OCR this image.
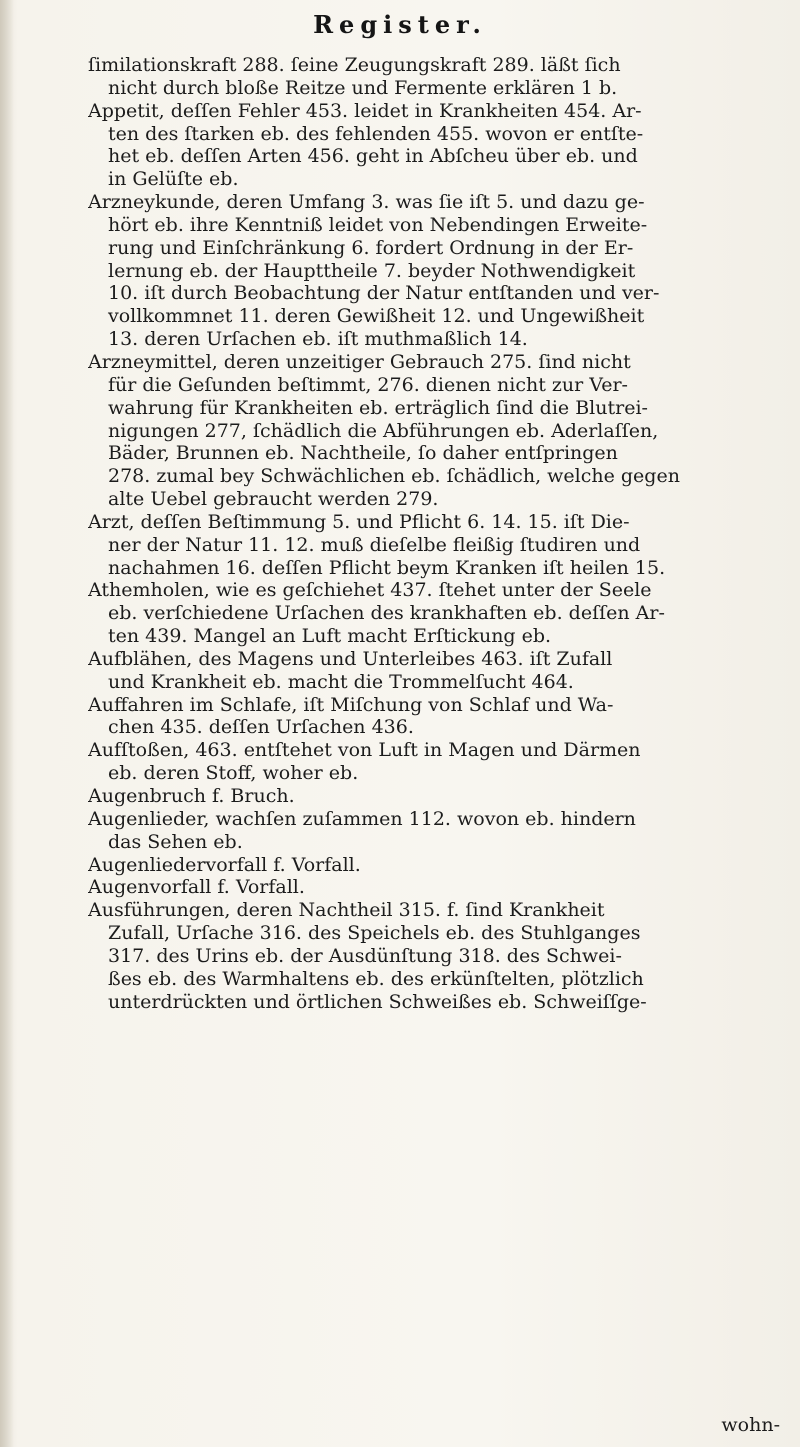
Register.
ſimilationskraft 288. ſeine Zeugungskraft 289. läßt ſich
nicht durch bloße Reitze und Fermente erklären 1 b.
Appetit, deſſen Fehler 453. leidet in Krankheiten 454. Ar-
ten des ſtarken eb. des fehlenden 455. wovon er entſte-
het eb. deſſen Arten 456. geht in Abſcheu über eb. und
in Gelüſte eb.
Arzneykunde, deren Umfang 3. was ſie iſt 5. und dazu ge-
hört eb. ihre Kenntniß leidet von Nebendingen Erweite-
rung und Einſchränkung 6. fordert Ordnung in der Er-
lernung eb. der Haupttheile 7. beyder Nothwendigkeit
10. iſt durch Beobachtung der Natur entſtanden und ver-
vollkommnet 11. deren Gewißheit 12. und Ungewißheit
13. deren Urſachen eb. iſt muthmaßlich 14.
Arzneymittel, deren unzeitiger Gebrauch 275. ſind nicht
für die Geſunden beſtimmt, 276. dienen nicht zur Ver-
wahrung für Krankheiten eb. erträglich ſind die Blutrei-
nigungen 277, ſchädlich die Abführungen eb. Aderlaſſen,
Bäder, Brunnen eb. Nachtheile, ſo daher entſpringen
278. zumal bey Schwächlichen eb. ſchädlich, welche gegen
alte Uebel gebraucht werden 279.
Arzt, deſſen Beſtimmung 5. und Pflicht 6. 14. 15. iſt Die-
ner der Natur 11. 12. muß dieſelbe fleißig ſtudiren und
nachahmen 16. deſſen Pflicht beym Kranken iſt heilen 15.
Athemholen, wie es geſchiehet 437. ſtehet unter der Seele
eb. verſchiedene Urſachen des krankhaften eb. deſſen Ar-
ten 439. Mangel an Luft macht Erſtickung eb.
Aufblähen, des Magens und Unterleibes 463. iſt Zufall
und Krankheit eb. macht die Trommelſucht 464.
Auffahren im Schlafe, iſt Miſchung von Schlaf und Wa-
chen 435. deſſen Urſachen 436.
Aufſtoßen, 463. entſtehet von Luft in Magen und Därmen
eb. deren Stoff, woher eb.
Augenbruch f. Bruch.
Augenlieder, wachſen zuſammen 112. wovon eb. hindern
das Sehen eb.
Augenliedervorfall f. Vorfall.
Augenvorfall f. Vorfall.
Ausführungen, deren Nachtheil 315. f. ſind Krankheit
Zufall, Urſache 316. des Speichels eb. des Stuhlganges
317. des Urins eb. der Ausdünſtung 318. des Schwei-
ßes eb. des Warmhaltens eb. des erkünſtelten, plötzlich
unterdrückten und örtlichen Schweißes eb. Schweiſſge-
wohn-
